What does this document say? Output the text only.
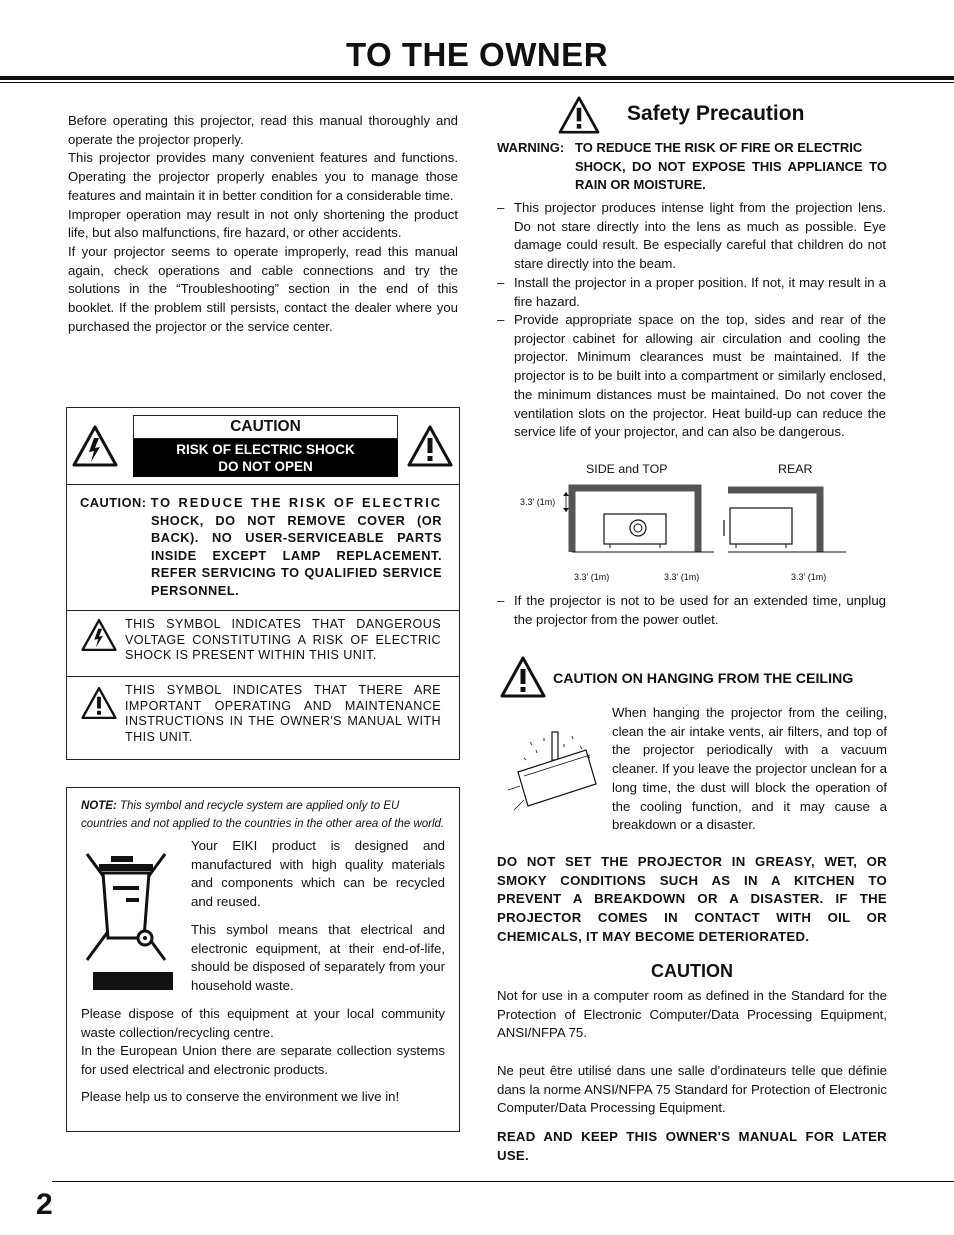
TO THE OWNER

Before operating this projector, read this manual thoroughly and operate the projector properly.

This projector provides many convenient features and functions. Operating the projector properly enables you to manage those features and maintain it in better condition for a considerable time.

Improper operation may result in not only shortening the product life, but also malfunctions, fire hazard, or other accidents.

If your projector seems to operate improperly, read this manual again, check operations and cable connections and try the solutions in the “Troubleshooting” section in the end of this booklet. If the problem still persists, contact the dealer where you purchased the projector or the service center.

CAUTION
RISK OF ELECTRIC SHOCK
DO NOT OPEN
CAUTION: TO REDUCE THE RISK OF ELECTRIC
SHOCK, DO NOT REMOVE COVER (OR BACK). NO USER-SERVICEABLE PARTS INSIDE EXCEPT LAMP REPLACEMENT. REFER SERVICING TO QUALIFIED SERVICE PERSONNEL.
THIS SYMBOL INDICATES THAT DANGEROUS VOLTAGE CONSTITUTING A RISK OF ELECTRIC SHOCK IS PRESENT WITHIN THIS UNIT.
THIS SYMBOL INDICATES THAT THERE ARE IMPORTANT OPERATING AND MAINTENANCE INSTRUCTIONS IN THE OWNER'S MANUAL WITH THIS UNIT.
NOTE: This symbol and recycle system are applied only to EU countries and not applied to the countries in the other area of the world.

Your EIKI product is designed and manufactured with high quality materials and components which can be recycled and reused.

This symbol means that electrical and electronic equipment, at their end-of-life, should be disposed of separately from your household waste.

Please dispose of this equipment at your local community waste collection/recycling centre.

In the European Union there are separate collection systems for used electrical and electronic products.

Please help us to conserve the environment we live in!

Safety Precaution
WARNING: TO REDUCE THE RISK OF FIRE OR ELECTRIC
SHOCK, DO NOT EXPOSE THIS APPLIANCE TO RAIN OR MOISTURE.
– This projector produces intense light from the projection lens. Do not stare directly into the lens as much as possible. Eye damage could result. Be especially careful that children do not stare directly into the beam.
– Install the projector in a proper position. If not, it may result in a fire hazard.
– Provide appropriate space on the top, sides and rear of the projector cabinet for allowing air circulation and cooling the projector. Minimum clearances must be maintained. If the projector is to be built into a compartment or similarly enclosed, the minimum distances must be maintained. Do not cover the ventilation slots on the projector. Heat build-up can reduce the service life of your projector, and can also be dangerous.
SIDE and TOP	REAR
3.3' (1m)
3.3' (1m)	3.3' (1m)	3.3' (1m)
– If the projector is not to be used for an extended time, unplug the projector from the power outlet.
CAUTION ON HANGING FROM THE CEILING
When hanging the projector from the ceiling, clean the air intake vents, air filters, and top of the projector periodically with a vacuum cleaner. If you leave the projector unclean for a long time, the dust will block the operation of the cooling function, and it may cause a breakdown or a disaster.
DO NOT SET THE PROJECTOR IN GREASY, WET, OR SMOKY CONDITIONS SUCH AS IN A KITCHEN TO PREVENT A BREAKDOWN OR A DISASTER. IF THE PROJECTOR COMES IN CONTACT WITH OIL OR CHEMICALS, IT MAY BECOME DETERIORATED.
CAUTION
Not for use in a computer room as defined in the Standard for the Protection of Electronic Computer/Data Processing Equipment, ANSI/NFPA 75.
Ne peut être utilisé dans une salle d’ordinateurs telle que définie dans la norme ANSI/NFPA 75 Standard for Protection of Electronic Computer/Data Processing Equipment.
READ AND KEEP THIS OWNER'S MANUAL FOR LATER USE.
2
